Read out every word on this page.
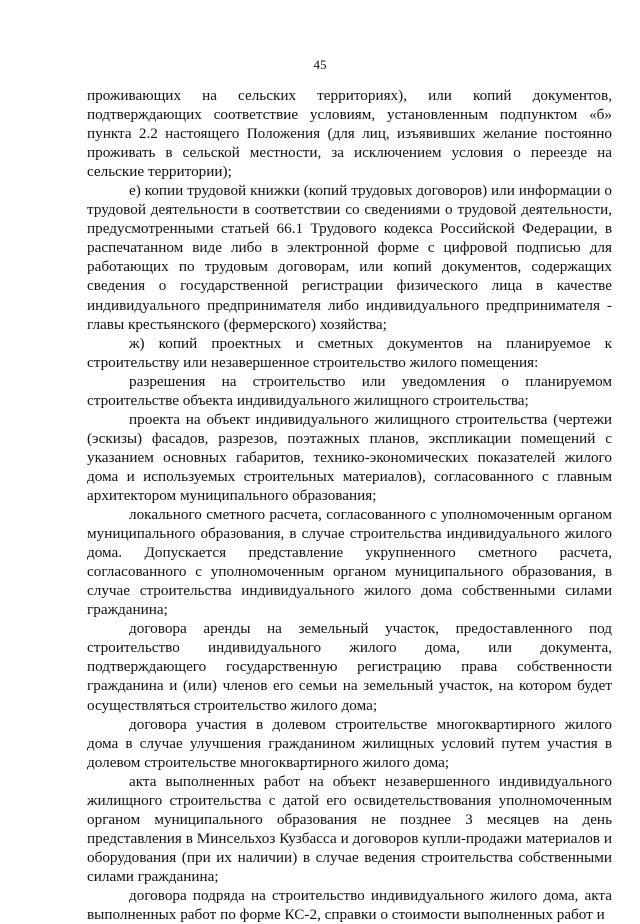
45

проживающих на сельских территориях), или копий документов, подтверждающих соответствие условиям, установленным подпунктом «б» пункта 2.2 настоящего Положения (для лиц, изъявивших желание постоянно проживать в сельской местности, за исключением условия о переезде на сельские территории);

е) копии трудовой книжки (копий трудовых договоров) или информации о трудовой деятельности в соответствии со сведениями о трудовой деятельности, предусмотренными статьей 66.1 Трудового кодекса Российской Федерации, в распечатанном виде либо в электронной форме с цифровой подписью для работающих по трудовым договорам, или копий документов, содержащих сведения о государственной регистрации физического лица в качестве индивидуального предпринимателя либо индивидуального предпринимателя - главы крестьянского (фермерского) хозяйства;

ж) копий проектных и сметных документов на планируемое к строительству или незавершенное строительство жилого помещения:

разрешения на строительство или уведомления о планируемом строительстве объекта индивидуального жилищного строительства;

проекта на объект индивидуального жилищного строительства (чертежи (эскизы) фасадов, разрезов, поэтажных планов, экспликации помещений с указанием основных габаритов, технико-экономических показателей жилого дома и используемых строительных материалов), согласованного с главным архитектором муниципального образования;

локального сметного расчета, согласованного с уполномоченным органом муниципального образования, в случае строительства индивидуального жилого дома. Допускается представление укрупненного сметного расчета, согласованного с уполномоченным органом муниципального образования, в случае строительства индивидуального жилого дома собственными силами гражданина;

договора аренды на земельный участок, предоставленного под строительство индивидуального жилого дома, или документа, подтверждающего государственную регистрацию права собственности гражданина и (или) членов его семьи на земельный участок, на котором будет осуществляться строительство жилого дома;

договора участия в долевом строительстве многоквартирного жилого дома в случае улучшения гражданином жилищных условий путем участия в долевом строительстве многоквартирного жилого дома;

акта выполненных работ на объект незавершенного индивидуального жилищного строительства с датой его освидетельствования уполномоченным органом муниципального образования не позднее 3 месяцев на день представления в Минсельхоз Кузбасса и договоров купли-продажи материалов и оборудования (при их наличии) в случае ведения строительства собственными силами гражданина;

договора подряда на строительство индивидуального жилого дома, акта выполненных работ по форме КС-2, справки о стоимости выполненных работ и
